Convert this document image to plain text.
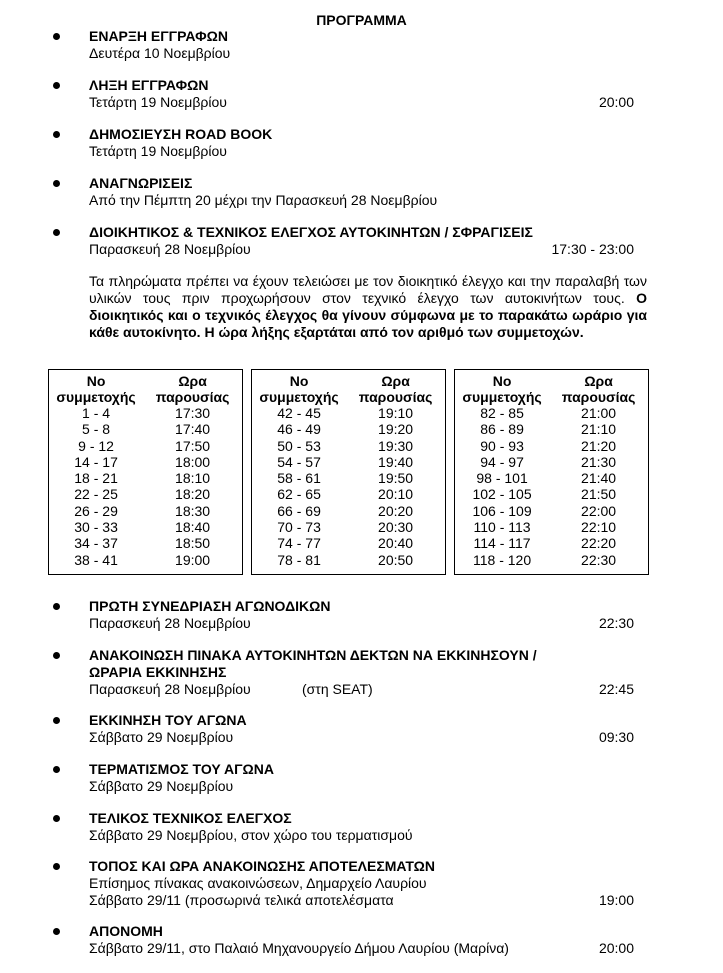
ΠΡΟΓΡΑΜΜΑ
ΕΝΑΡΞΗ ΕΓΓΡΑΦΩΝ
Δευτέρα 10 Νοεμβρίου
ΛΗΞΗ ΕΓΓΡΑΦΩΝ
Τετάρτη 19 Νοεμβρίου	20:00
ΔΗΜΟΣΙΕΥΣΗ ROAD BOOK
Τετάρτη 19 Νοεμβρίου
ΑΝΑΓΝΩΡΙΣΕΙΣ
Από την Πέμπτη 20 μέχρι την Παρασκευή 28 Νοεμβρίου
ΔΙΟΙΚΗΤΙΚΟΣ & ΤΕΧΝΙΚΟΣ ΕΛΕΓΧΟΣ ΑΥΤΟΚΙΝΗΤΩΝ / ΣΦΡΑΓΙΣΕΙΣ
Παρασκευή 28 Νοεμβρίου	17:30 - 23:00
Τα πληρώματα πρέπει να έχουν τελειώσει με τον διοικητικό έλεγχο και την παραλαβή των υλικών τους πριν προχωρήσουν στον τεχνικό έλεγχο των αυτοκινήτων τους. Ο διοικητικός και ο τεχνικός έλεγχος θα γίνουν σύμφωνα με το παρακάτω ωράριο για κάθε αυτοκίνητο. Η ώρα λήξης εξαρτάται από τον αριθμό των συμμετοχών.
Νο συμμετοχής	Ωρα παρουσίας
1 - 4	17:30
5 - 8	17:40
9 - 12	17:50
14 - 17	18:00
18 - 21	18:10
22 - 25	18:20
26 - 29	18:30
30 - 33	18:40
34 - 37	18:50
38 - 41	19:00
Νο συμμετοχής	Ωρα παρουσίας
42 - 45	19:10
46 - 49	19:20
50 - 53	19:30
54 - 57	19:40
58 - 61	19:50
62 - 65	20:10
66 - 69	20:20
70 - 73	20:30
74 - 77	20:40
78 - 81	20:50
Νο συμμετοχής	Ωρα παρουσίας
82 - 85	21:00
86 - 89	21:10
90 - 93	21:20
94 - 97	21:30
98 - 101	21:40
102 - 105	21:50
106 - 109	22:00
110 - 113	22:10
114 - 117	22:20
118 - 120	22:30
ΠΡΩΤΗ ΣΥΝΕΔΡΙΑΣΗ ΑΓΩΝΟΔΙΚΩΝ
Παρασκευή 28 Νοεμβρίου	22:30
ΑΝΑΚΟΙΝΩΣΗ ΠΙΝΑΚΑ ΑΥΤΟΚΙΝΗΤΩΝ ΔΕΚΤΩΝ ΝΑ ΕΚΚΙΝΗΣΟΥΝ /
ΩΡΑΡΙΑ ΕΚΚΙΝΗΣΗΣ
Παρασκευή 28 Νοεμβρίου	(στη SEAT)	22:45
ΕΚΚΙΝΗΣΗ ΤΟΥ ΑΓΩΝΑ
Σάββατο 29 Νοεμβρίου	09:30
ΤΕΡΜΑΤΙΣΜΟΣ ΤΟΥ ΑΓΩΝΑ
Σάββατο 29 Νοεμβρίου
ΤΕΛΙΚΟΣ ΤΕΧΝΙΚΟΣ ΕΛΕΓΧΟΣ
Σάββατο 29 Νοεμβρίου, στον χώρο του τερματισμού
ΤΟΠΟΣ ΚΑΙ ΩΡΑ ΑΝΑΚΟΙΝΩΣΗΣ ΑΠΟΤΕΛΕΣΜΑΤΩΝ
Επίσημος πίνακας ανακοινώσεων, Δημαρχείο Λαυρίου
Σάββατο 29/11 (προσωρινά τελικά αποτελέσματα	19:00
ΑΠΟΝΟΜΗ
Σάββατο 29/11, στο Παλαιό Μηχανουργείο Δήμου Λαυρίου (Μαρίνα)	20:00
